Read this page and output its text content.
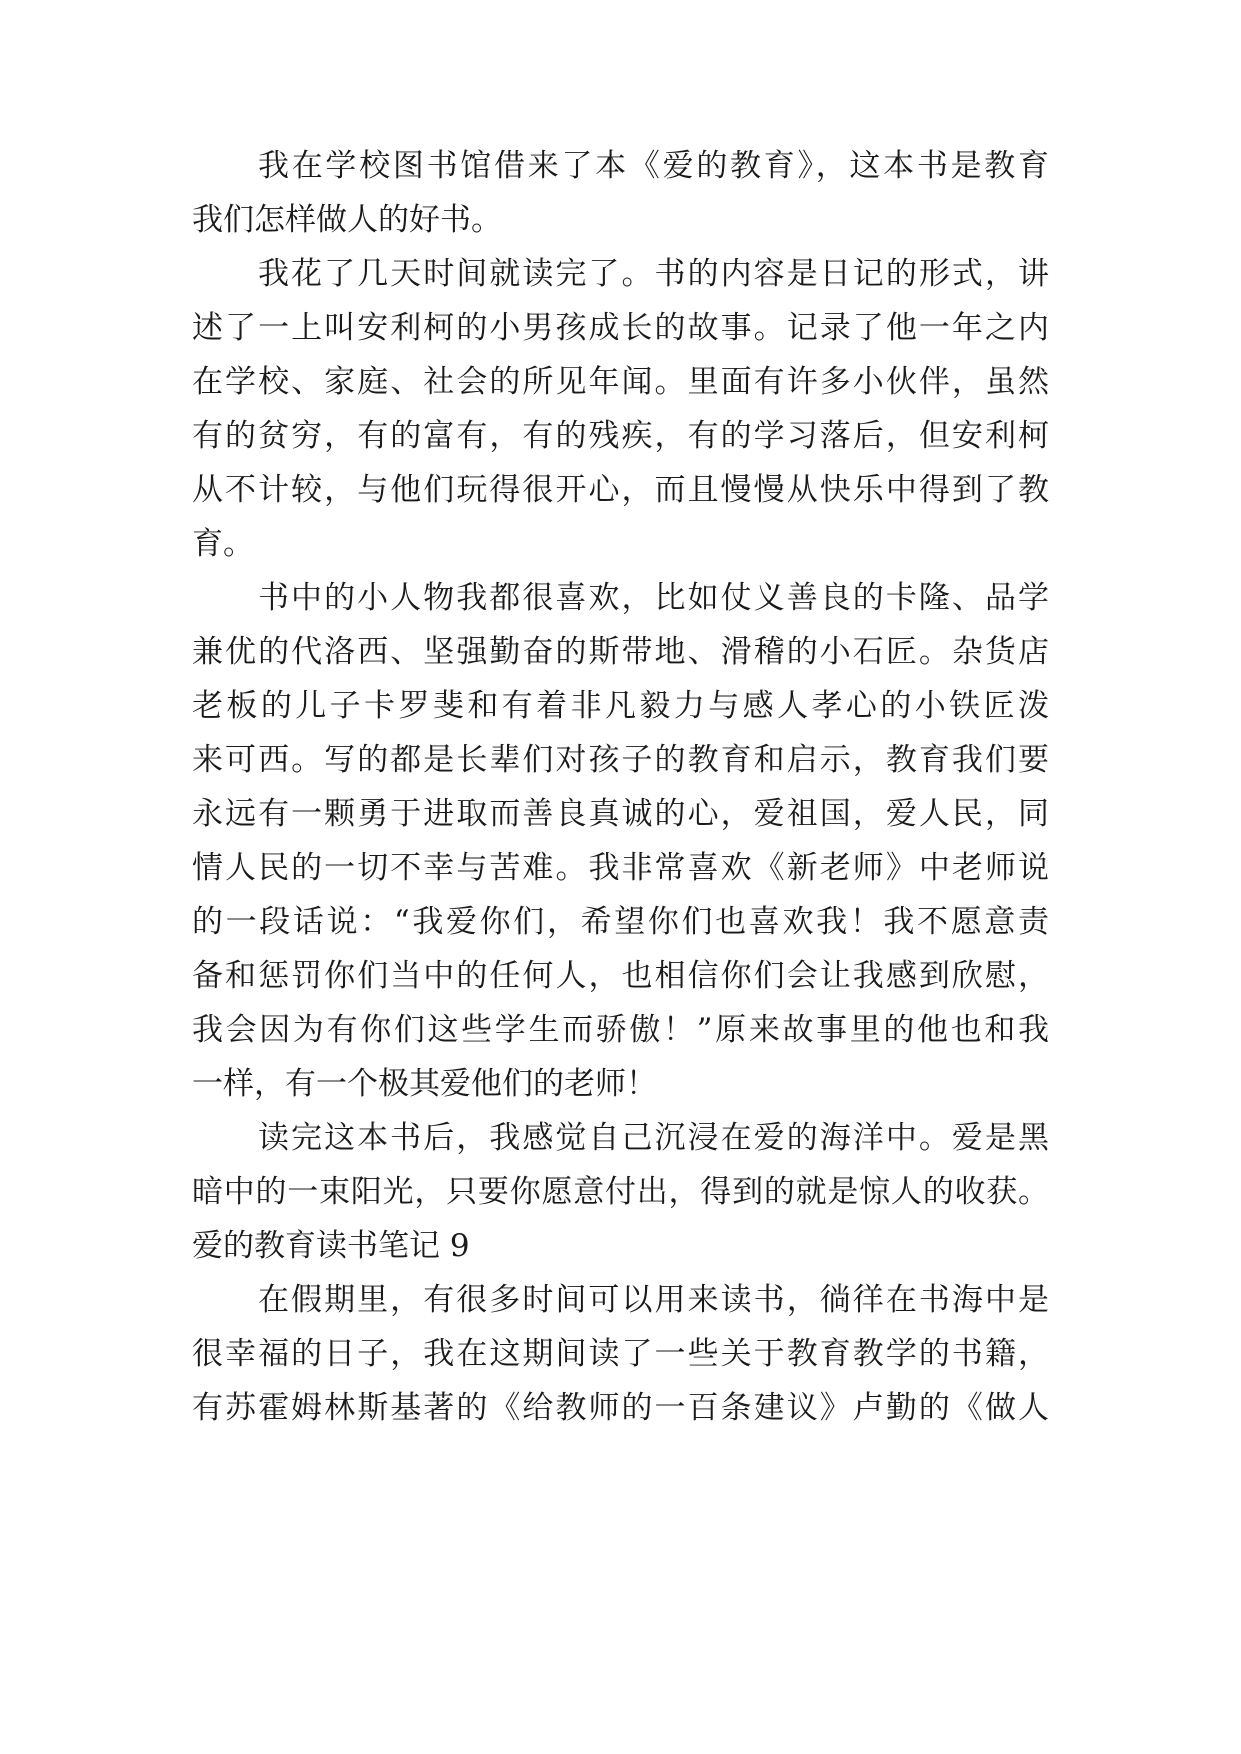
我在学校图书馆借来了本《爱的教育》，这本书是教育
我们怎样做人的好书。
我花了几天时间就读完了。书的内容是日记的形式，讲
述了一上叫安利柯的小男孩成长的故事。记录了他一年之内
在学校、家庭、社会的所见年闻。里面有许多小伙伴，虽然
有的贫穷，有的富有，有的残疾，有的学习落后，但安利柯
从不计较，与他们玩得很开心，而且慢慢从快乐中得到了教
育。
书中的小人物我都很喜欢，比如仗义善良的卡隆、品学
兼优的代洛西、坚强勤奋的斯带地、滑稽的小石匠。杂货店
老板的儿子卡罗斐和有着非凡毅力与感人孝心的小铁匠泼
来可西。写的都是长辈们对孩子的教育和启示，教育我们要
永远有一颗勇于进取而善良真诚的心，爱祖国，爱人民，同
情人民的一切不幸与苦难。我非常喜欢《新老师》中老师说
的一段话说：“我爱你们，希望你们也喜欢我！我不愿意责
备和惩罚你们当中的任何人，也相信你们会让我感到欣慰，
我会因为有你们这些学生而骄傲！”原来故事里的他也和我
一样，有一个极其爱他们的老师！
读完这本书后，我感觉自己沉浸在爱的海洋中。爱是黑
暗中的一束阳光，只要你愿意付出，得到的就是惊人的收获。
爱的教育读书笔记 9
在假期里，有很多时间可以用来读书，徜徉在书海中是
很幸福的日子，我在这期间读了一些关于教育教学的书籍，
有苏霍姆林斯基著的《给教师的一百条建议》卢勤的《做人
